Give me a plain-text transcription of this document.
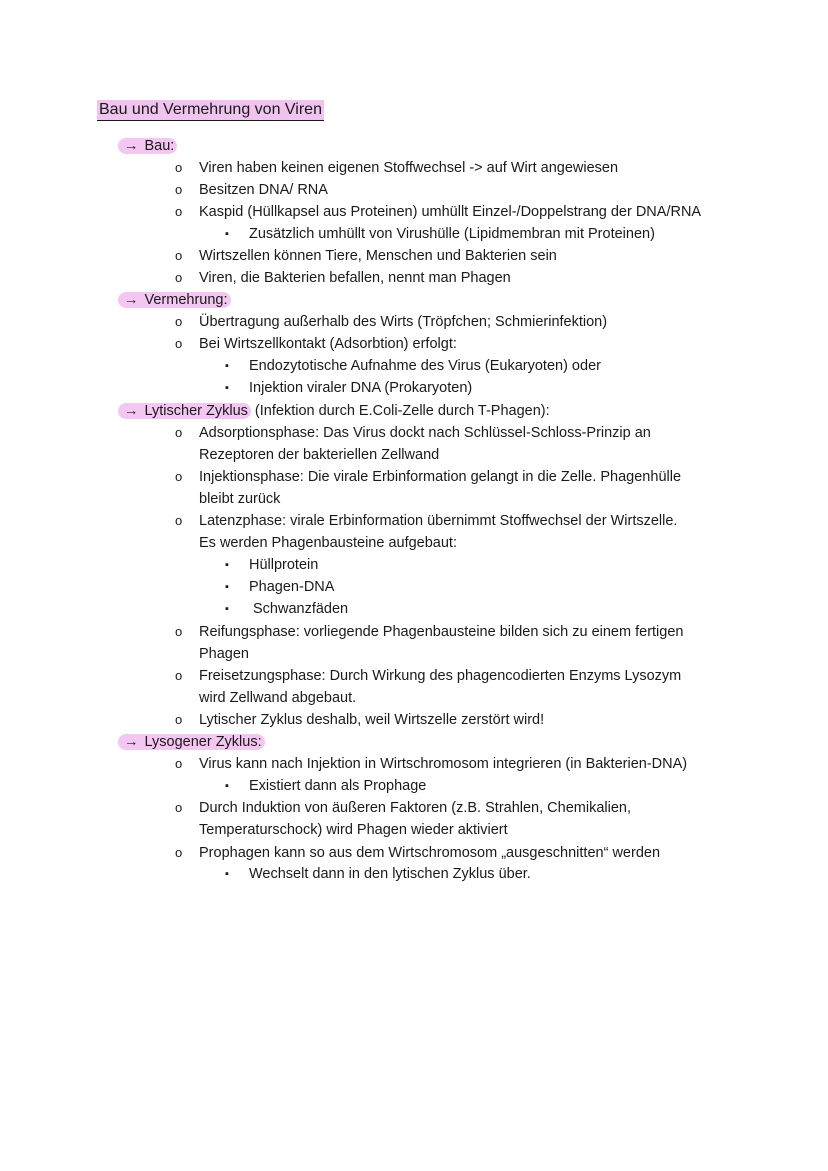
Bau und Vermehrung von Viren
→ Bau:
o Viren haben keinen eigenen Stoffwechsel -> auf Wirt angewiesen
o Besitzen DNA/ RNA
o Kaspid (Hüllkapsel aus Proteinen) umhüllt Einzel-/Doppelstrang der DNA/RNA
▪ Zusätzlich umhüllt von Virushülle (Lipidmembran mit Proteinen)
o Wirtszellen können Tiere, Menschen und Bakterien sein
o Viren, die Bakterien befallen, nennt man Phagen
→ Vermehrung:
o Übertragung außerhalb des Wirts (Tröpfchen; Schmierinfektion)
o Bei Wirtszellkontakt (Adsorbtion) erfolgt:
▪ Endozytotische Aufnahme des Virus (Eukaryoten) oder
▪ Injektion viraler DNA (Prokaryoten)
→ Lytischer Zyklus (Infektion durch E.Coli-Zelle durch T-Phagen):
o Adsorptionsphase: Das Virus dockt nach Schlüssel-Schloss-Prinzip an
Rezeptoren der bakteriellen Zellwand
o Injektionsphase: Die virale Erbinformation gelangt in die Zelle. Phagenhülle
bleibt zurück
o Latenzphase: virale Erbinformation übernimmt Stoffwechsel der Wirtszelle.
Es werden Phagenbausteine aufgebaut:
▪ Hüllprotein
▪ Phagen-DNA
▪ Schwanzfäden
o Reifungsphase: vorliegende Phagenbausteine bilden sich zu einem fertigen
Phagen
o Freisetzungsphase: Durch Wirkung des phagencodierten Enzyms Lysozym
wird Zellwand abgebaut.
o Lytischer Zyklus deshalb, weil Wirtszelle zerstört wird!
→ Lysogener Zyklus:
o Virus kann nach Injektion in Wirtschromosom integrieren (in Bakterien-DNA)
▪ Existiert dann als Prophage
o Durch Induktion von äußeren Faktoren (z.B. Strahlen, Chemikalien,
Temperaturschock) wird Phagen wieder aktiviert
o Prophagen kann so aus dem Wirtschromosom „ausgeschnitten“ werden
▪ Wechselt dann in den lytischen Zyklus über.
